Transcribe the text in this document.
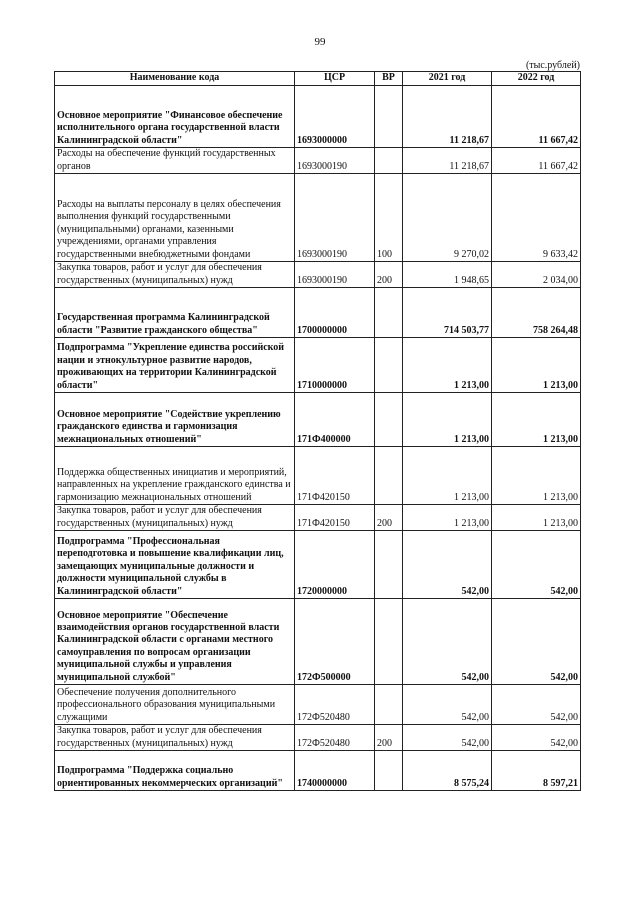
99
(тыс.рублей)
Наименование кода	ЦСР	ВР	2021 год	2022 год
Основное мероприятие "Финансовое обеспечение исполнительного органа государственной власти Калининградской области"	1693000000		11 218,67	11 667,42
Расходы на обеспечение функций государственных органов	1693000190		11 218,67	11 667,42
Расходы на выплаты персоналу в целях обеспечения выполнения функций государственными (муниципальными) органами, казенными учреждениями, органами управления государственными внебюджетными фондами	1693000190	100	9 270,02	9 633,42
Закупка товаров, работ и услуг для обеспечения государственных (муниципальных) нужд	1693000190	200	1 948,65	2 034,00
Государственная программа Калининградской области "Развитие гражданского общества"	1700000000		714 503,77	758 264,48
Подпрограмма "Укрепление единства российской нации и этнокультурное развитие народов, проживающих на территории Калининградской области"	1710000000		1 213,00	1 213,00
Основное мероприятие "Содействие укреплению гражданского единства и гармонизация межнациональных отношений"	171Ф400000		1 213,00	1 213,00
Поддержка общественных инициатив и мероприятий, направленных на укрепление гражданского единства и гармонизацию межнациональных отношений	171Ф420150		1 213,00	1 213,00
Закупка товаров, работ и услуг для обеспечения государственных (муниципальных) нужд	171Ф420150	200	1 213,00	1 213,00
Подпрограмма "Профессиональная переподготовка и повышение квалификации лиц, замещающих муниципальные должности и должности муниципальной службы в Калининградской области"	1720000000		542,00	542,00
Основное мероприятие "Обеспечение взаимодействия органов государственной власти Калининградской области с органами местного самоуправления по вопросам организации муниципальной службы и управления муниципальной службой"	172Ф500000		542,00	542,00
Обеспечение получения дополнительного профессионального образования муниципальными служащими	172Ф520480		542,00	542,00
Закупка товаров, работ и услуг для обеспечения государственных (муниципальных) нужд	172Ф520480	200	542,00	542,00
Подпрограмма "Поддержка социально ориентированных некоммерческих организаций"	1740000000		8 575,24	8 597,21
